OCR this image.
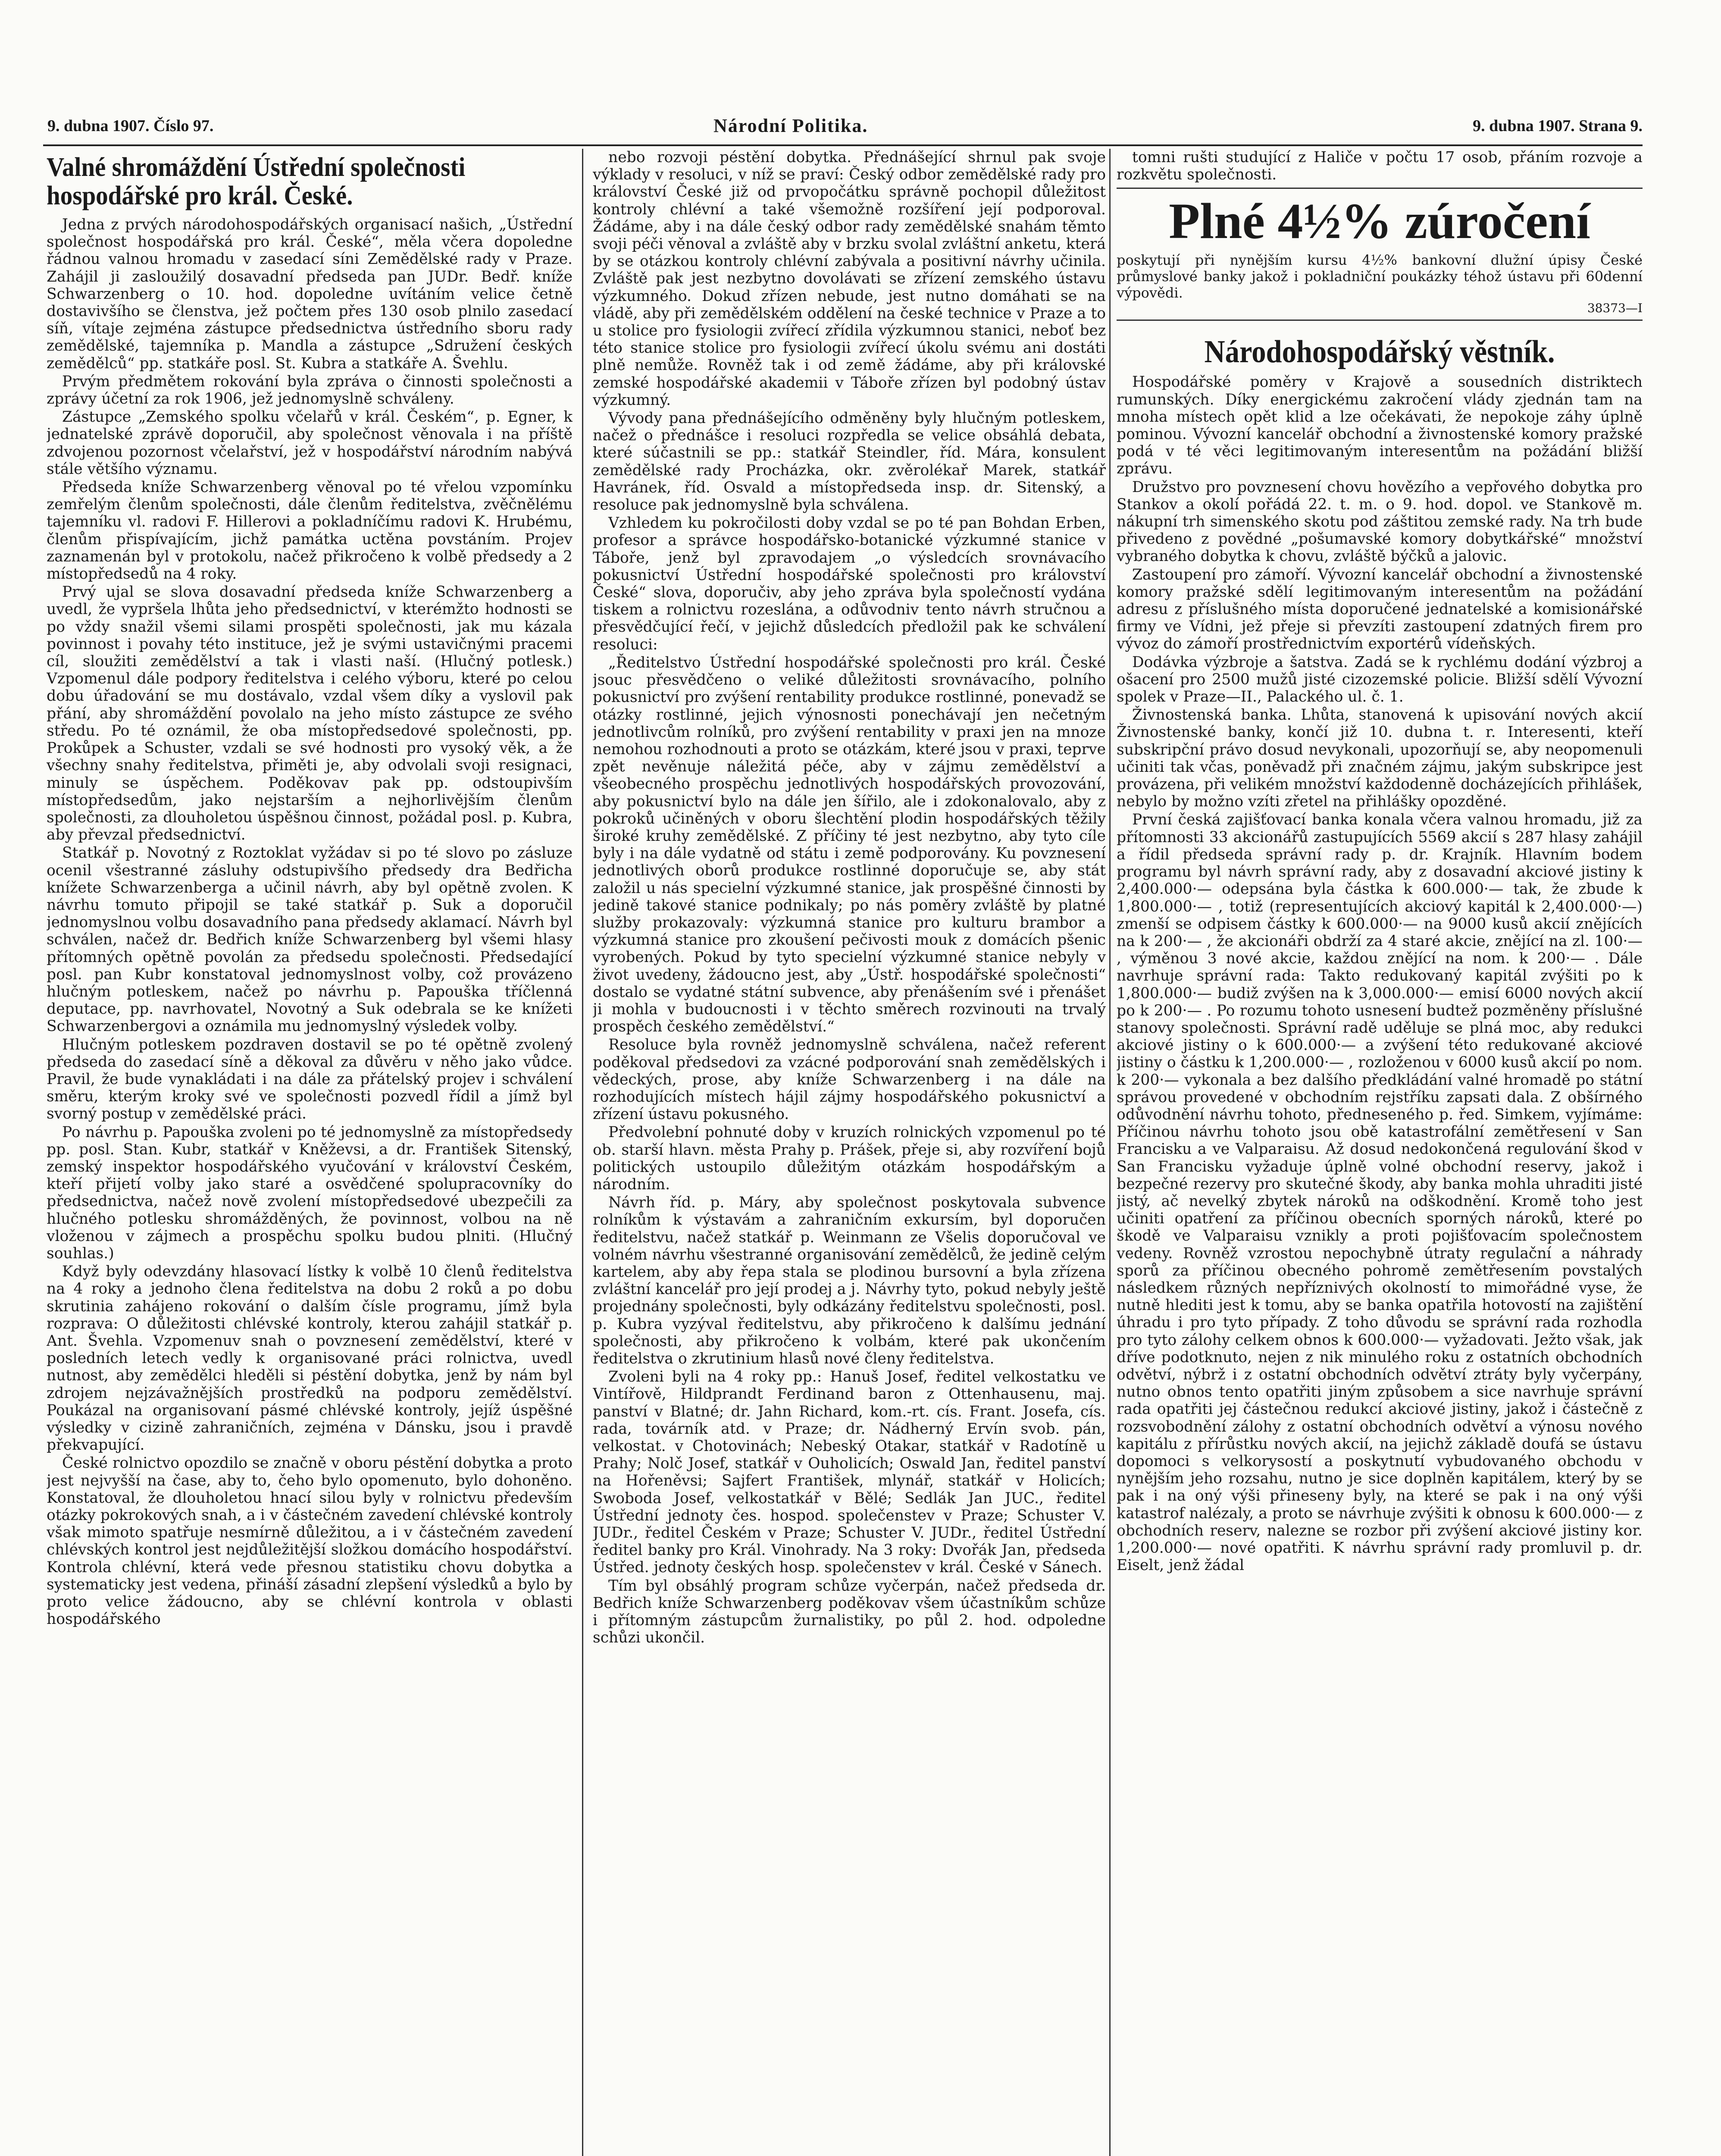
9. dubna 1907. Číslo 97.	Národní Politika.	9. dubna 1907. Strana 9.
Valné shromáždění Ústřední společnosti hospodářské pro král. České.

Jedna z prvých národohospodářských organisací našich, „Ústřední společnost hospodářská pro král. České“, měla včera dopoledne řádnou valnou hromadu v zasedací síni Zemědělské rady v Praze. Zahájil ji zasloužilý dosavadní předseda pan JUDr. Bedř. kníže Schwarzenberg o 10. hod. dopoledne uvítáním velice četně dostavivšího se členstva, jež počtem přes 130 osob plnilo zasedací síň, vítaje zejména zástupce předsednictva ústředního sboru rady zemědělské, tajemníka p. Mandla a zástupce „Sdružení českých zemědělců“ pp. statkáře posl. St. Kubra a statkáře A. Švehlu.

Prvým předmětem rokování byla zpráva o činnosti společnosti a zprávy účetní za rok 1906, jež jednomyslně schváleny.

Zástupce „Zemského spolku včelařů v král. Českém“, p. Egner, k jednatelské zprávě doporučil, aby společnost věnovala i na příště zdvojenou pozornost včelařství, jež v hospodářství národním nabývá stále většího významu.

Předseda kníže Schwarzenberg věnoval po té vřelou vzpomínku zemřelým členům společnosti, dále členům ředitelstva, zvěčnělému tajemníku vl. radovi F. Hillerovi a pokladníčímu radovi K. Hrubému, členům přispívajícím, jichž památka uctěna povstáním. Projev zaznamenán byl v protokolu, načež přikročeno k volbě předsedy a 2 místopředsedů na 4 roky.

Prvý ujal se slova dosavadní předseda kníže Schwarzenberg a uvedl, že vypršela lhůta jeho předsednictví, v kterémžto hodnosti se po vždy snažil všemi silami prospěti společnosti, jak mu kázala povinnost i povahy této instituce, jež je svými ustavičnými pracemi cíl, sloužiti zemědělství a tak i vlasti naší. (Hlučný potlesk.) Vzpomenul dále podpory ředitelstva i celého výboru, které po celou dobu úřadování se mu dostávalo, vzdal všem díky a vyslovil pak přání, aby shromáždění povolalo na jeho místo zástupce ze svého středu. Po té oznámil, že oba místopředsedové společnosti, pp. Prokůpek a Schuster, vzdali se své hodnosti pro vysoký věk, a že všechny snahy ředitelstva, přiměti je, aby odvolali svoji resignaci, minuly se úspěchem. Poděkovav pak pp. odstoupivším místopředsedům, jako nejstarším a nejhorlivějším členům společnosti, za dlouholetou úspěšnou činnost, požádal posl. p. Kubra, aby převzal předsednictví.

Statkář p. Novotný z Roztoklat vyžádav si po té slovo po zásluze ocenil všestranné zásluhy odstupivšího předsedy dra Bedřicha knížete Schwarzenberga a učinil návrh, aby byl opětně zvolen. K návrhu tomuto připojil se také statkář p. Suk a doporučil jednomyslnou volbu dosavadního pana předsedy aklamací. Návrh byl schválen, načež dr. Bedřich kníže Schwarzenberg byl všemi hlasy přítomných opětně povolán za předsedu společnosti. Předsedající posl. pan Kubr konstatoval jednomyslnost volby, což provázeno hlučným potleskem, načež po návrhu p. Papouška tříčlenná deputace, pp. navrhovatel, Novotný a Suk odebrala se ke knížeti Schwarzenbergovi a oznámila mu jednomyslný výsledek volby.

Hlučným potleskem pozdraven dostavil se po té opětně zvolený předseda do zasedací síně a děkoval za důvěru v něho jako vůdce. Pravil, že bude vynakládati i na dále za přátelský projev i schválení směru, kterým kroky své ve společnosti pozvedl řídil a jímž byl svorný postup v zemědělské práci.

Po návrhu p. Papouška zvoleni po té jednomyslně za místopředsedy pp. posl. Stan. Kubr, statkář v Kněževsi, a dr. František Sitenský, zemský inspektor hospodářského vyučování v království Českém, kteří přijetí volby jako staré a osvědčené spolupracovníky do předsednictva, načež nově zvolení místopředsedové ubezpečili za hlučného potlesku shromážděných, že povinnost, volbou na ně vloženou v zájmech a prospěchu spolku budou plniti. (Hlučný souhlas.)

Když byly odevzdány hlasovací lístky k volbě 10 členů ředitelstva na 4 roky a jednoho člena ředitelstva na dobu 2 roků a po dobu skrutinia zahájeno rokování o dalším čísle programu, jímž byla rozprava: O důležitosti chlévské kontroly, kterou zahájil statkář p. Ant. Švehla. Vzpomenuv snah o povznesení zemědělství, které v posledních letech vedly k organisované práci rolnictva, uvedl nutnost, aby zemědělci hleděli si péstění dobytka, jenž by nám byl zdrojem nejzávažnějších prostředků na podporu zemědělství. Poukázal na organisovaní pásmé chlévské kontroly, jejíž úspěšné výsledky v cizině zahraničních, zejména v Dánsku, jsou i pravdě překvapující.

České rolnictvo opozdilo se značně v oboru péstění dobytka a proto jest nejvyšší na čase, aby to, čeho bylo opomenuto, bylo dohoněno. Konstatoval, že dlouholetou hnací silou byly v rolnictvu především otázky pokrokových snah, a i v částečném zavedení chlévské kontroly však mimoto spatřuje nesmírně důležitou, a i v částečném zavedení chlévských kontrol jest nejdůležitější složkou domácího hospodářství. Kontrola chlévní, která vede přesnou statistiku chovu dobytka a systematicky jest vedena, přináší zásadní zlepšení výsledků a bylo by proto velice žádoucno, aby se chlévní kontrola v oblasti hospodářského

nebo rozvoji péstění dobytka. Přednášející shrnul pak svoje výklady v resoluci, v níž se praví: Český odbor zemědělské rady pro království České již od prvopočátku správně pochopil důležitost kontroly chlévní a také všemožně rozšíření její podporoval. Žádáme, aby i na dále český odbor rady zemědělské snahám těmto svoji péči věnoval a zvláště aby v brzku svolal zvláštní anketu, která by se otázkou kontroly chlévní zabývala a positivní návrhy učinila. Zvláště pak jest nezbytno dovolávati se zřízení zemského ústavu výzkumného. Dokud zřízen nebude, jest nutno domáhati se na vládě, aby při zemědělském oddělení na české technice v Praze a to u stolice pro fysiologii zvířecí zřídila výzkumnou stanici, neboť bez této stanice stolice pro fysiologii zvířecí úkolu svému ani dostáti plně nemůže. Rovněž tak i od země žádáme, aby při královské zemské hospodářské akademii v Táboře zřízen byl podobný ústav výzkumný.

Vývody pana přednášejícího odměněny byly hlučným potleskem, načež o přednášce i resoluci rozpředla se velice obsáhlá debata, které súčastnili se pp.: statkář Steindler, říd. Mára, konsulent zemědělské rady Procházka, okr. zvěrolékař Marek, statkář Havránek, říd. Osvald a místopředseda insp. dr. Sitenský, a resoluce pak jednomyslně byla schválena.

Vzhledem ku pokročilosti doby vzdal se po té pan Bohdan Erben, profesor a správce hospodářsko-botanické výzkumné stanice v Táboře, jenž byl zpravodajem „o výsledcích srovnávacího pokusnictví Ústřední hospodářské společnosti pro království České“ slova, doporučiv, aby jeho zpráva byla společností vydána tiskem a rolnictvu rozeslána, a odůvodniv tento návrh stručnou a přesvědčující řečí, v jejichž důsledcích předložil pak ke schválení resoluci:

„Ředitelstvo Ústřední hospodářské společnosti pro král. České jsouc přesvědčeno o veliké důležitosti srovnávacího, polního pokusnictví pro zvýšení rentability produkce rostlinné, ponevadž se otázky rostlinné, jejich výnosnosti ponechávají jen nečetným jednotlivcům rolníků, pro zvýšení rentability v praxi jen na mnoze nemohou rozhodnouti a proto se otázkám, které jsou v praxi, teprve zpět nevěnuje náležitá péče, aby v zájmu zemědělství a všeobecného prospěchu jednotlivých hospodářských provozování, aby pokusnictví bylo na dále jen šířilo, ale i zdokonalovalo, aby z pokroků učiněných v oboru šlechtění plodin hospodářských těžily široké kruhy zemědělské. Z příčiny té jest nezbytno, aby tyto cíle byly i na dále vydatně od státu i země podporovány. Ku povznesení jednotlivých oborů produkce rostlinné doporučuje se, aby stát založil u nás specielní výzkumné stanice, jak prospěšné činnosti by jedině takové stanice podnikaly; po nás poměry zvláště by platné služby prokazovaly: výzkumná stanice pro kulturu brambor a výzkumná stanice pro zkoušení pečivosti mouk z domácích pšenic vyrobených. Pokud by tyto specielní výzkumné stanice nebyly v život uvedeny, žádoucno jest, aby „Ústř. hospodářské společnosti“ dostalo se vydatné státní subvence, aby přenášením své i přenášet ji mohla v budoucnosti i v těchto směrech rozvinouti na trvalý prospěch českého zemědělství.“

Resoluce byla rovněž jednomyslně schválena, načež referent poděkoval předsedovi za vzácné podporování snah zemědělských i vědeckých, prose, aby kníže Schwarzenberg i na dále na rozhodujících místech hájil zájmy hospodářského pokusnictví a zřízení ústavu pokusného.

Předvolební pohnuté doby v kruzích rolnických vzpomenul po té ob. starší hlavn. města Prahy p. Prášek, přeje si, aby rozvíření bojů politických ustoupilo důležitým otázkám hospodářským a národním.

Návrh říd. p. Máry, aby společnost poskytovala subvence rolníkům k výstavám a zahraničním exkursím, byl doporučen ředitelstvu, načež statkář p. Weinmann ze Všelis doporučoval ve volném návrhu všestranné organisování zemědělců, že jedině celým kartelem, aby aby řepa stala se plodinou bursovní a byla zřízena zvláštní kancelář pro její prodej a j. Návrhy tyto, pokud nebyly ještě projednány společnosti, byly odkázány ředitelstvu společnosti, posl. p. Kubra vyzýval ředitelstvu, aby přikročeno k dalšímu jednání společnosti, aby přikročeno k volbám, které pak ukončením ředitelstva o zkrutinium hlasů nové členy ředitelstva.

Zvoleni byli na 4 roky pp.: Hanuš Josef, ředitel velkostatku ve Vintířově, Hildprandt Ferdinand baron z Ottenhausenu, maj. panství v Blatné; dr. Jahn Richard, kom.-rt. cís. Frant. Josefa, cís. rada, továrník atd. v Praze; dr. Nádherný Ervín svob. pán, velkostat. v Chotovinách; Nebeský Otakar, statkář v Radotíně u Prahy; Nolč Josef, statkář v Ouholicích; Oswald Jan, ředitel panství na Hořeněvsi; Sajfert František, mlynář, statkář v Holicích; Swoboda Josef, velkostatkář v Bělé; Sedlák Jan JUC., ředitel Ústřední jednoty čes. hospod. společenstev v Praze; Schuster V. JUDr., ředitel Českém v Praze; Schuster V. JUDr., ředitel Ústřední ředitel banky pro Král. Vinohrady. Na 3 roky: Dvořák Jan, předseda Ústřed. jednoty českých hosp. společenstev v král. České v Sánech.

Tím byl obsáhlý program schůze vyčerpán, načež předseda dr. Bedřich kníže Schwarzenberg poděkovav všem účastníkům schůze i přítomným zástupcům žurnalistiky, po půl 2. hod. odpoledne schůzi ukončil.

tomni rušti studující z Haliče v počtu 17 osob, přáním rozvoje a rozkvětu společnosti.

Plné 4½% zúročení
poskytují při nynějším kursu 4½% bankovní dlužní úpisy České průmyslové banky jakož i pokladniční poukázky téhož ústavu při 60denní výpovědi.
38373—I
Národohospodářský věstník.

Hospodářské poměry v Krajově a sousedních distriktech rumunských. Díky energickému zakročení vlády zjednán tam na mnoha místech opět klid a lze očekávati, že nepokoje záhy úplně pominou. Vývozní kancelář obchodní a živnostenské komory pražské podá v té věci legitimovaným interesentům na požádání bližší zprávu.

Družstvo pro povznesení chovu hovězího a vepřového dobytka pro Stankov a okolí pořádá 22. t. m. o 9. hod. dopol. ve Stankově m. nákupní trh simenského skotu pod záštitou zemské rady. Na trh bude přivedeno z povědné „pošumavské komory dobytkářské“ množství vybraného dobytka k chovu, zvláště býčků a jalovic.

Zastoupení pro zámoří. Vývozní kancelář obchodní a živnostenské komory pražské sdělí legitimovaným interesentům na požádání adresu z příslušného místa doporučené jednatelské a komisionářské firmy ve Vídni, jež přeje si převzíti zastoupení zdatných firem pro vývoz do zámoří prostřednictvím exportérů vídeňských.

Dodávka výzbroje a šatstva. Zadá se k rychlému dodání výzbroj a ošacení pro 2500 mužů jisté cizozemské policie. Bližší sdělí Vývozní spolek v Praze—II., Palackého ul. č. 1.

Živnostenská banka. Lhůta, stanovená k upisování nových akcií Živnostenské banky, končí již 10. dubna t. r. Interesenti, kteří subskripční právo dosud nevykonali, upozorňují se, aby neopomenuli učiniti tak včas, poněvadž při značném zájmu, jakým subskripce jest provázena, při velikém množství každodenně docházejících přihlášek, nebylo by možno vzíti zřetel na přihlášky opozděné.

První česká zajišťovací banka konala včera valnou hromadu, již za přítomnosti 33 akcionářů zastupujících 5569 akcií s 287 hlasy zahájil a řídil předseda správní rady p. dr. Krajník. Hlavním bodem programu byl návrh správní rady, aby z dosavadní akciové jistiny k 2,400.000·— odepsána byla částka k 600.000·— tak, že zbude k 1,800.000·— , totiž (representujících akciový kapitál k 2,400.000·—) zmenší se odpisem částky k 600.000·— na 9000 kusů akcií znějících na k 200·— , že akcionáři obdrží za 4 staré akcie, znějící na zl. 100·— , výměnou 3 nové akcie, každou znějící na nom. k 200·— . Dále navrhuje správní rada: Takto redukovaný kapitál zvýšiti po k 1,800.000·— budiž zvýšen na k 3,000.000·— emisí 6000 nových akcií po k 200·— . Po rozumu tohoto usnesení budtež pozměněny příslušné stanovy společnosti. Správní radě uděluje se plná moc, aby redukci akciové jistiny o k 600.000·— a zvýšení této redukované akciové jistiny o částku k 1,200.000·— , rozloženou v 6000 kusů akcií po nom. k 200·— vykonala a bez dalšího předkládání valné hromadě po státní správou provedené v obchodním rejstříku zapsati dala. Z obšírného odůvodnění návrhu tohoto, předneseného p. řed. Simkem, vyjímáme: Příčinou návrhu tohoto jsou obě katastrofální zemětřesení v San Francisku a ve Valparaisu. Až dosud nedokončená regulování škod v San Francisku vyžaduje úplně volné obchodní reservy, jakož i bezpečné rezervy pro skutečné škody, aby banka mohla uhraditi jisté jistý, ač nevelký zbytek nároků na odškodnění. Kromě toho jest učiniti opatření za příčinou obecních sporných nároků, které po škodě ve Valparaisu vznikly a proti pojišťovacím společnostem vedeny. Rovněž vzrostou nepochybně útraty regulační a náhrady sporů za příčinou obecného pohromě zemětřesením povstalých následkem různých nepříznivých okolností to mimořádné vyse, že nutně hlediti jest k tomu, aby se banka opatřila hotovostí na zajištění úhradu i pro tyto případy. Z toho důvodu se správní rada rozhodla pro tyto zálohy celkem obnos k 600.000·— vyžadovati. Ježto však, jak dříve podotknuto, nejen z nik minulého roku z ostatních obchodních odvětví, nýbrž i z ostatní obchodních odvětví ztráty byly vyčerpány, nutno obnos tento opatřiti jiným způsobem a sice navrhuje správní rada opatřiti jej částečnou redukcí akciové jistiny, jakož i částečně z rozsvobodnění zálohy z ostatní obchodních odvětví a výnosu nového kapitálu z přírůstku nových akcií, na jejichž základě doufá se ústavu dopomoci s velkorysostí a poskytnutí vybudovaného obchodu v nynějším jeho rozsahu, nutno je sice doplněn kapitálem, který by se pak i na oný výši přineseny byly, na které se pak i na oný výši katastrof nalézaly, a proto se návrhuje zvýšiti k obnosu k 600.000·— z obchodních reserv, nalezne se rozbor při zvýšení akciové jistiny kor. 1,200.000·— nové opatřiti. K návrhu správní rady promluvil p. dr. Eiselt, jenž žádal
